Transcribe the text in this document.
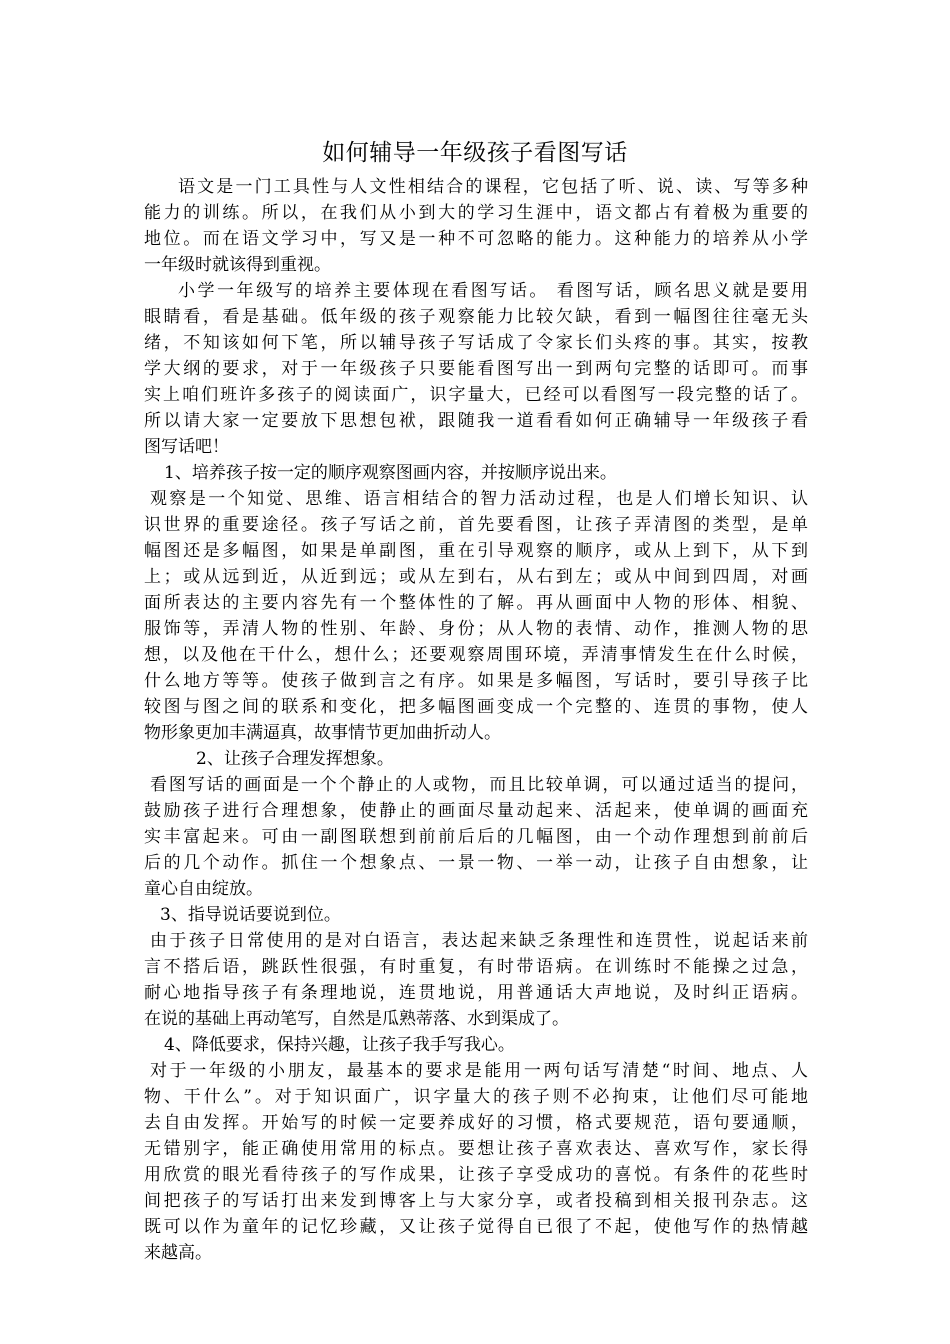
如何辅导一年级孩子看图写话
语文是一门工具性与人文性相结合的课程，它包括了听、说、读、写等多种
能力的训练。所以，在我们从小到大的学习生涯中，语文都占有着极为重要的
地位。而在语文学习中，写又是一种不可忽略的能力。这种能力的培养从小学
一年级时就该得到重视。
小学一年级写的培养主要体现在看图写话。 看图写话，顾名思义就是要用
眼睛看，看是基础。低年级的孩子观察能力比较欠缺，看到一幅图往往毫无头
绪，不知该如何下笔，所以辅导孩子写话成了令家长们头疼的事。其实，按教
学大纲的要求，对于一年级孩子只要能看图写出一到两句完整的话即可。而事
实上咱们班许多孩子的阅读面广，识字量大，已经可以看图写一段完整的话了。
所以请大家一定要放下思想包袱，跟随我一道看看如何正确辅导一年级孩子看
图写话吧！
1、培养孩子按一定的顺序观察图画内容，并按顺序说出来。
观察是一个知觉、思维、语言相结合的智力活动过程，也是人们增长知识、认
识世界的重要途径。孩子写话之前，首先要看图，让孩子弄清图的类型，是单
幅图还是多幅图，如果是单副图，重在引导观察的顺序，或从上到下，从下到
上；或从远到近，从近到远；或从左到右，从右到左；或从中间到四周，对画
面所表达的主要内容先有一个整体性的了解。再从画面中人物的形体、相貌、
服饰等，弄清人物的性别、年龄、身份；从人物的表情、动作，推测人物的思
想，以及他在干什么，想什么；还要观察周围环境，弄清事情发生在什么时候，
什么地方等等。使孩子做到言之有序。如果是多幅图，写话时，要引导孩子比
较图与图之间的联系和变化，把多幅图画变成一个完整的、连贯的事物，使人
物形象更加丰满逼真，故事情节更加曲折动人。
2、让孩子合理发挥想象。
看图写话的画面是一个个静止的人或物，而且比较单调，可以通过适当的提问，
鼓励孩子进行合理想象，使静止的画面尽量动起来、活起来，使单调的画面充
实丰富起来。可由一副图联想到前前后后的几幅图，由一个动作理想到前前后
后的几个动作。抓住一个想象点、一景一物、一举一动，让孩子自由想象，让
童心自由绽放。
3、指导说话要说到位。
由于孩子日常使用的是对白语言，表达起来缺乏条理性和连贯性，说起话来前
言不搭后语，跳跃性很强，有时重复，有时带语病。在训练时不能操之过急，
耐心地指导孩子有条理地说，连贯地说，用普通话大声地说，及时纠正语病。
在说的基础上再动笔写，自然是瓜熟蒂落、水到渠成了。
4、降低要求，保持兴趣，让孩子我手写我心。
对于一年级的小朋友，最基本的要求是能用一两句话写清楚“时间、地点、人
物、干什么”。对于知识面广，识字量大的孩子则不必拘束，让他们尽可能地
去自由发挥。开始写的时候一定要养成好的习惯，格式要规范，语句要通顺，
无错别字，能正确使用常用的标点。要想让孩子喜欢表达、喜欢写作，家长得
用欣赏的眼光看待孩子的写作成果，让孩子享受成功的喜悦。有条件的花些时
间把孩子的写话打出来发到博客上与大家分享，或者投稿到相关报刊杂志。这
既可以作为童年的记忆珍藏，又让孩子觉得自已很了不起，使他写作的热情越
来越高。
